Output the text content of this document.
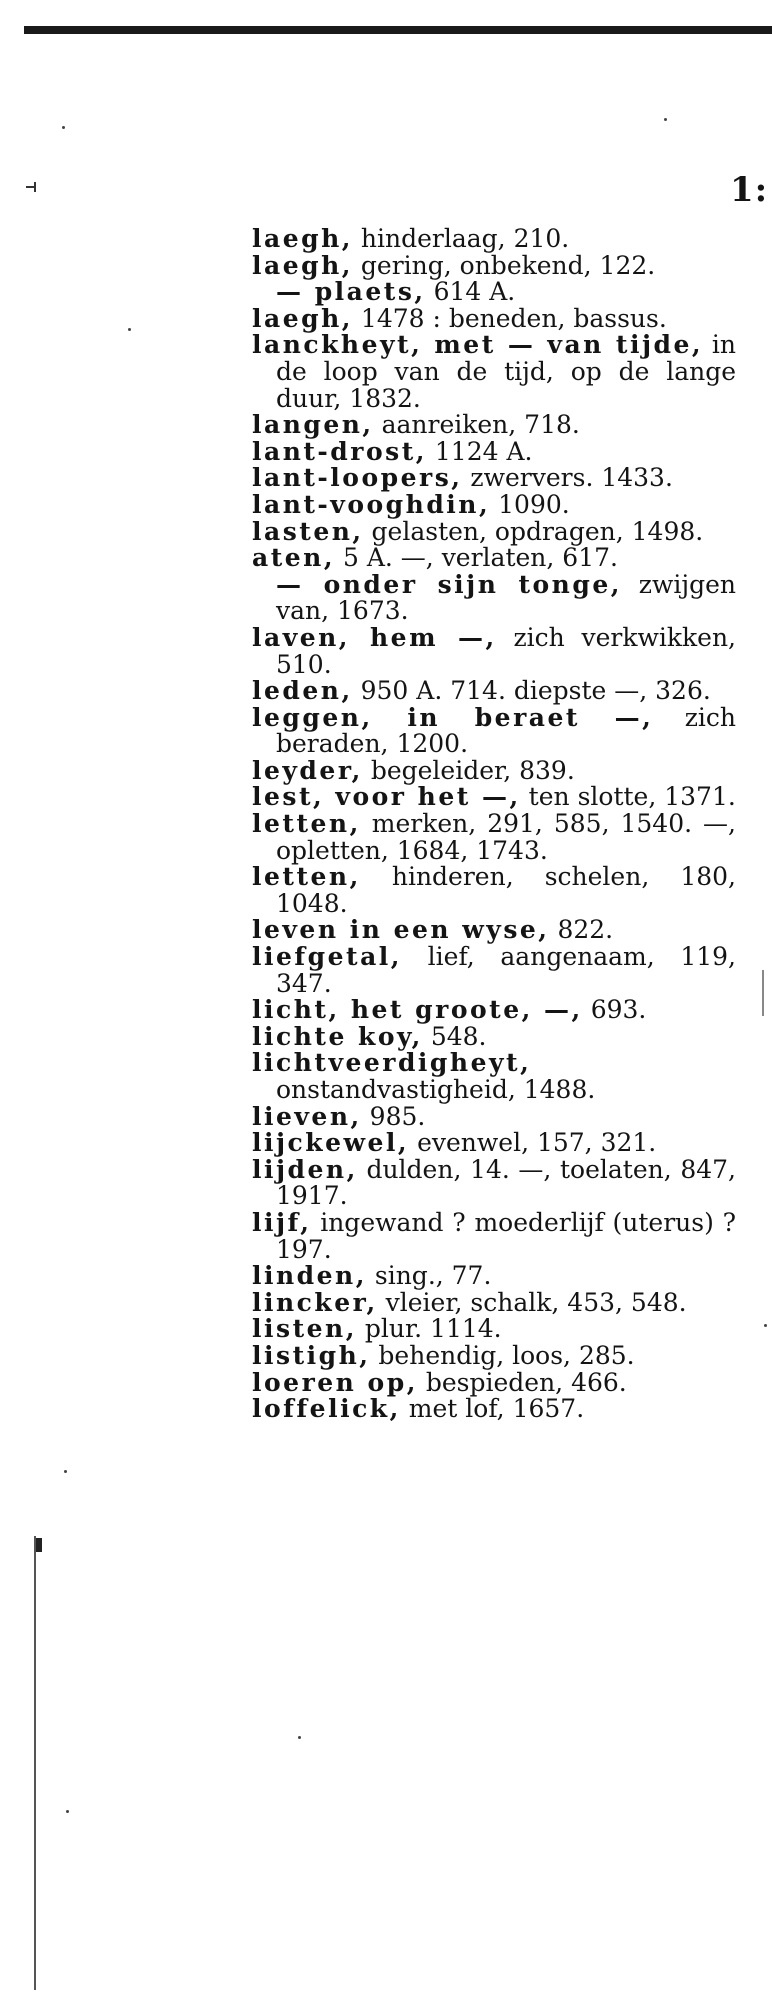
1:
laegh, hinderlaag, 210.
laegh, gering, onbekend, 122.
— plaets, 614 A.
laegh, 1478 : beneden, bassus.
lanckheyt, met — van tijde, in de loop van de tijd, op de lange duur, 1832.
langen, aanreiken, 718.
lant-drost, 1124 A.
lant-loopers, zwervers. 1433.
lant-vooghdin, 1090.
lasten, gelasten, opdragen, 1498.
aten, 5 A. —, verlaten, 617.
— onder sijn tonge, zwijgen van, 1673.
laven, hem —, zich verkwikken, 510.
leden, 950 A. 714. diepste —, 326.
leggen, in beraet —, zich beraden, 1200.
leyder, begeleider, 839.
lest, voor het —, ten slotte, 1371.
letten, merken, 291, 585, 1540. —, opletten, 1684, 1743.
letten, hinderen, schelen, 180, 1048.
leven in een wyse, 822.
liefgetal, lief, aangenaam, 119, 347.
licht, het groote, —, 693.
lichte koy, 548.
lichtveerdigheyt, onstandvastigheid, 1488.
lieven, 985.
lijckewel, evenwel, 157, 321.
lijden, dulden, 14. —, toelaten, 847, 1917.
lijf, ingewand ? moederlijf (uterus) ? 197.
linden, sing., 77.
lincker, vleier, schalk, 453, 548.
listen, plur. 1114.
listigh, behendig, loos, 285.
loeren op, bespieden, 466.
loffelick, met lof, 1657.
